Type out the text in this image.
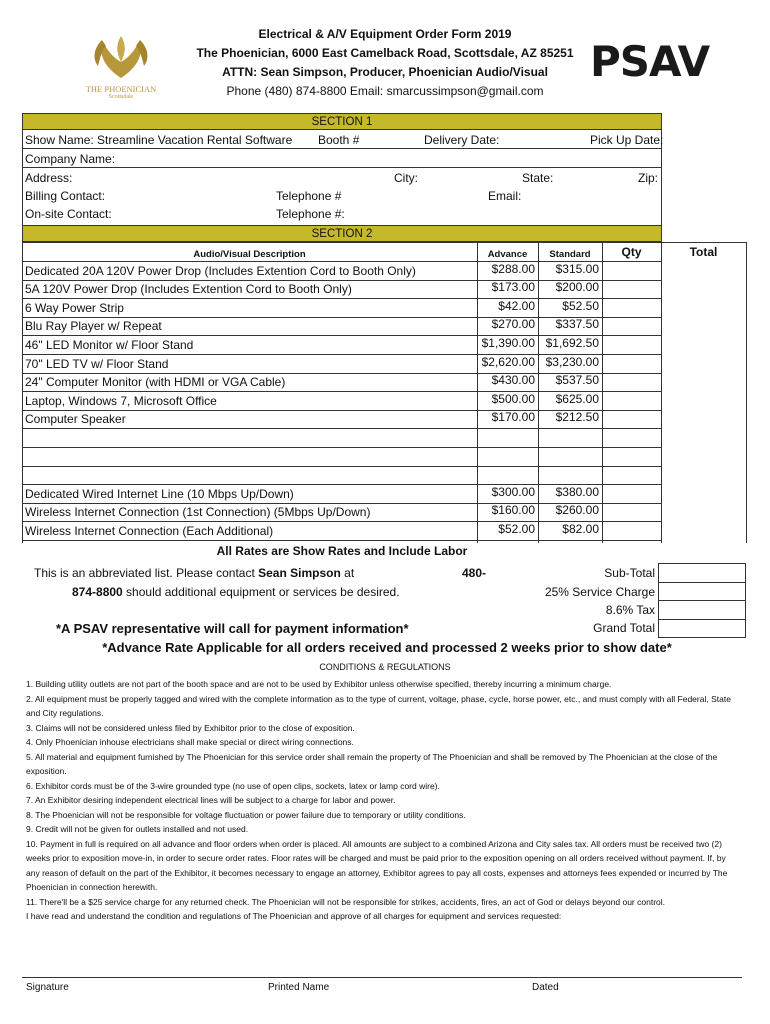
THE PHOENICIAN
Scottsdale
PSAV
Electrical & A/V Equipment Order Form 2019
The Phoenician, 6000 East Camelback Road, Scottsdale, AZ 85251
ATTN: Sean Simpson, Producer, Phoenician Audio/Visual
Phone (480) 874-8800 Email: smarcussimpson@gmail.com
SECTION 1
Show Name: Streamline Vacation Rental Software Booth #	Delivery Date:	Pick Up Date:
Company Name:
Address:	City:	State:	Zip:
Billing Contact:	Telephone #	Email:
On-site Contact:	Telephone #:
SECTION 2
Audio/Visual Description	Advance	Standard	Qty	Total
Dedicated 20A 120V Power Drop (Includes Extention Cord to Booth Only)	$288.00	$315.00
5A 120V Power Drop (Includes Extention Cord to Booth Only)	$173.00	$200.00
6 Way Power Strip	$42.00	$52.50
Blu Ray Player w/ Repeat	$270.00	$337.50
46" LED Monitor w/ Floor Stand	$1,390.00 $1,692.50
70" LED TV w/ Floor Stand	$2,620.00 $3,230.00
24" Computer Monitor (with HDMI or VGA Cable)	$430.00	$537.50
Laptop, Windows 7, Microsoft Office	$500.00	$625.00
Computer Speaker	$170.00	$212.50
Dedicated Wired Internet Line (10 Mbps Up/Down)	$300.00	$380.00
Wireless Internet Connection (1st Connection) (5Mbps Up/Down)	$160.00	$260.00
Wireless Internet Connection (Each Additional)	$52.00	$82.00
All Rates are Show Rates and Include Labor
This is an abbreviated list. Please contact Sean Simpson at	480-
874-8800 should additional equipment or services be desired.
Sub-Total
25% Service Charge
8.6% Tax
Grand Total
*A PSAV representative will call for payment information*
*Advance Rate Applicable for all orders received and processed 2 weeks prior to show date*
CONDITIONS & REGULATIONS

1. Building utility outlets are not part of the booth space and are not to be used by Exhibitor unless otherwise specified, thereby incurring a minimum charge.

2. All equipment must be properly tagged and wired with the complete information as to the type of current, voltage, phase, cycle, horse power, etc., and must comply with all Federal, State and City regulations.

3. Claims will not be considered unless filed by Exhibitor prior to the close of exposition.

4. Only Phoenician inhouse electricians shall make special or direct wiring connections.

5. All material and equipment furnished by The Phoenician for this service order shall remain the property of The Phoenician and shall be removed by The Phoenician at the close of the exposition.

6. Exhibitor cords must be of the 3-wire grounded type (no use of open clips, sockets, latex or lamp cord wire).

7. An Exhibitor desiring independent electrical lines will be subject to a charge for labor and power.

8. The Phoenician will not be responsible for voltage fluctuation or power failure due to temporary or utility conditions.

9. Credit will not be given for outlets installed and not used.

10. Payment in full is required on all advance and floor orders when order is placed. All amounts are subject to a combined Arizona and City sales tax. All orders must be received two (2) weeks prior to exposition move-in, in order to secure order rates. Floor rates will be charged and must be paid prior to the exposition opening on all orders received without payment. If, by any reason of default on the part of the Exhibitor, it becomes necessary to engage an attorney, Exhibitor agrees to pay all costs, expenses and attorneys fees expended or incurred by The Phoenician in connection herewith.

11. There'll be a $25 service charge for any returned check. The Phoenician will not be responsible for strikes, accidents, fires, an act of God or delays beyond our control.

I have read and understand the condition and regulations of The Phoenician and approve of all charges for equipment and services requested:

Signature	Printed Name	Dated
